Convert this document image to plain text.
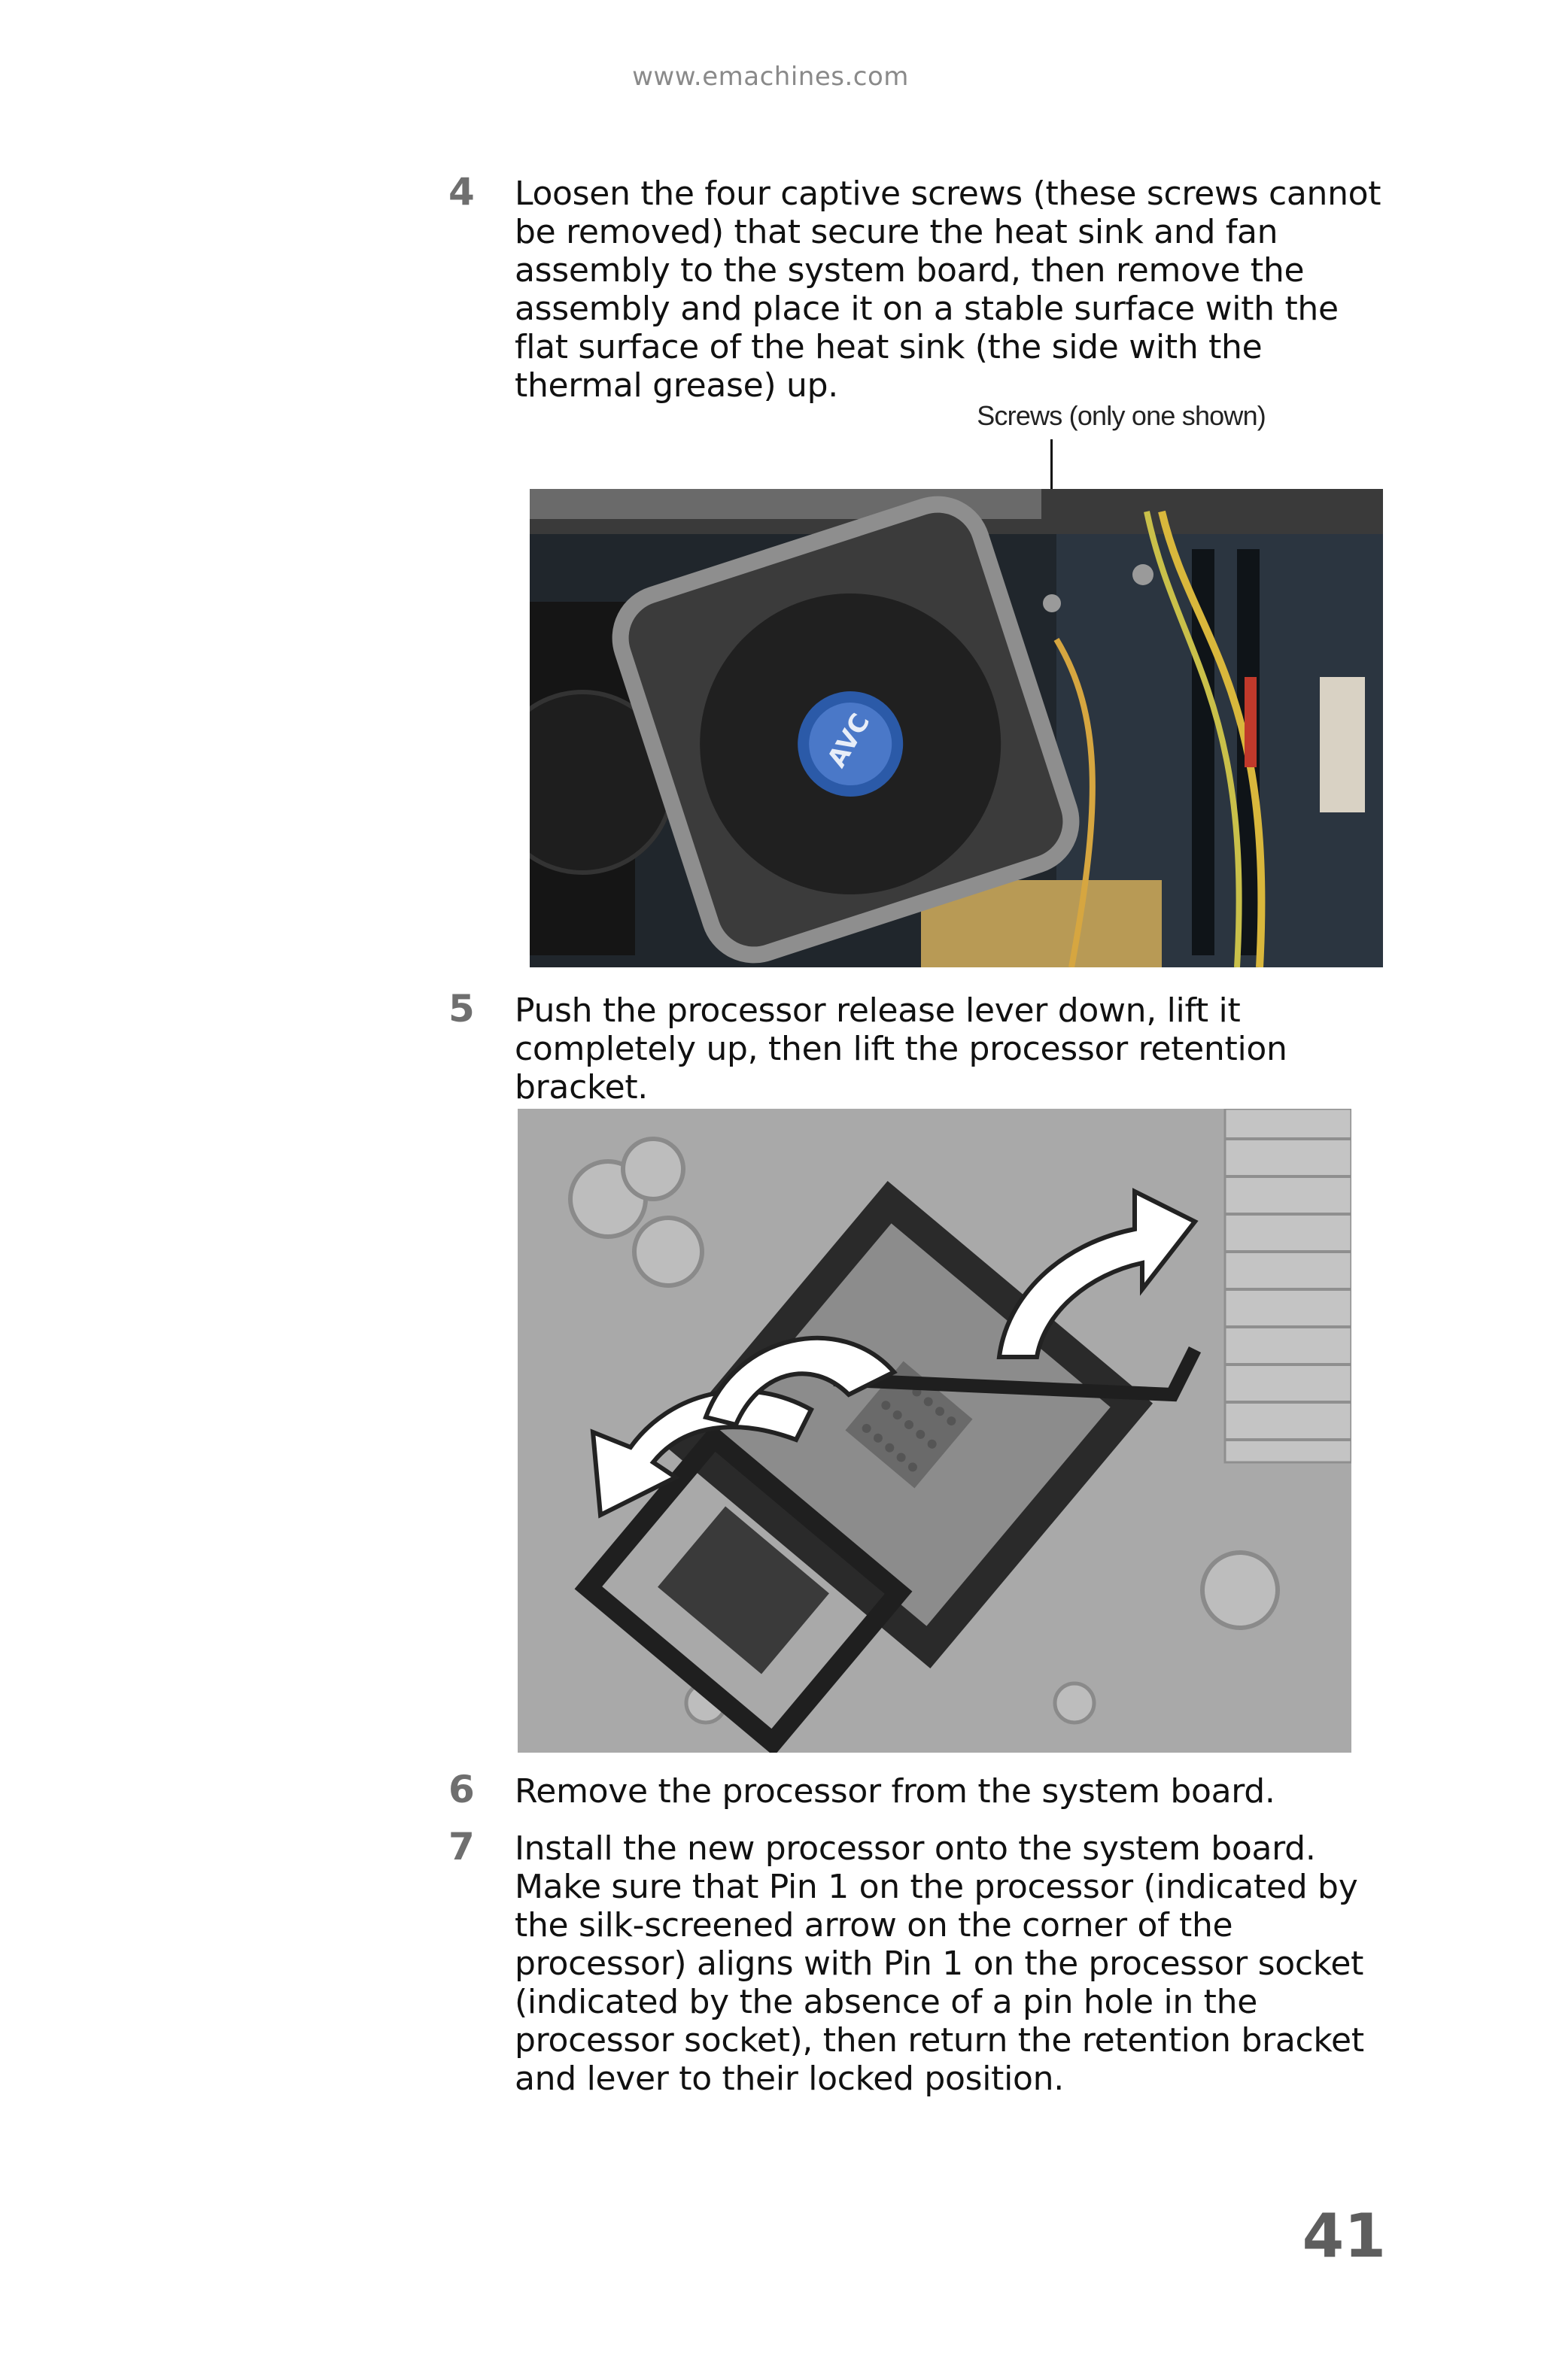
www.emachines.com
4	Loosen the four captive screws (these screws cannot be removed) that secure the heat sink and fan assembly to the system board, then remove the assembly and place it on a stable surface with the flat surface of the heat sink (the side with the thermal grease) up.
Screws (only one shown)
AVC
5	Push the processor release lever down, lift it completely up, then lift the processor retention bracket.
6	Remove the processor from the system board.
7	Install the new processor onto the system board. Make sure that Pin 1 on the processor (indicated by the silk-screened arrow on the corner of the processor) aligns with Pin 1 on the processor socket (indicated by the absence of a pin hole in the processor socket), then return the retention bracket and lever to their locked position.
41
